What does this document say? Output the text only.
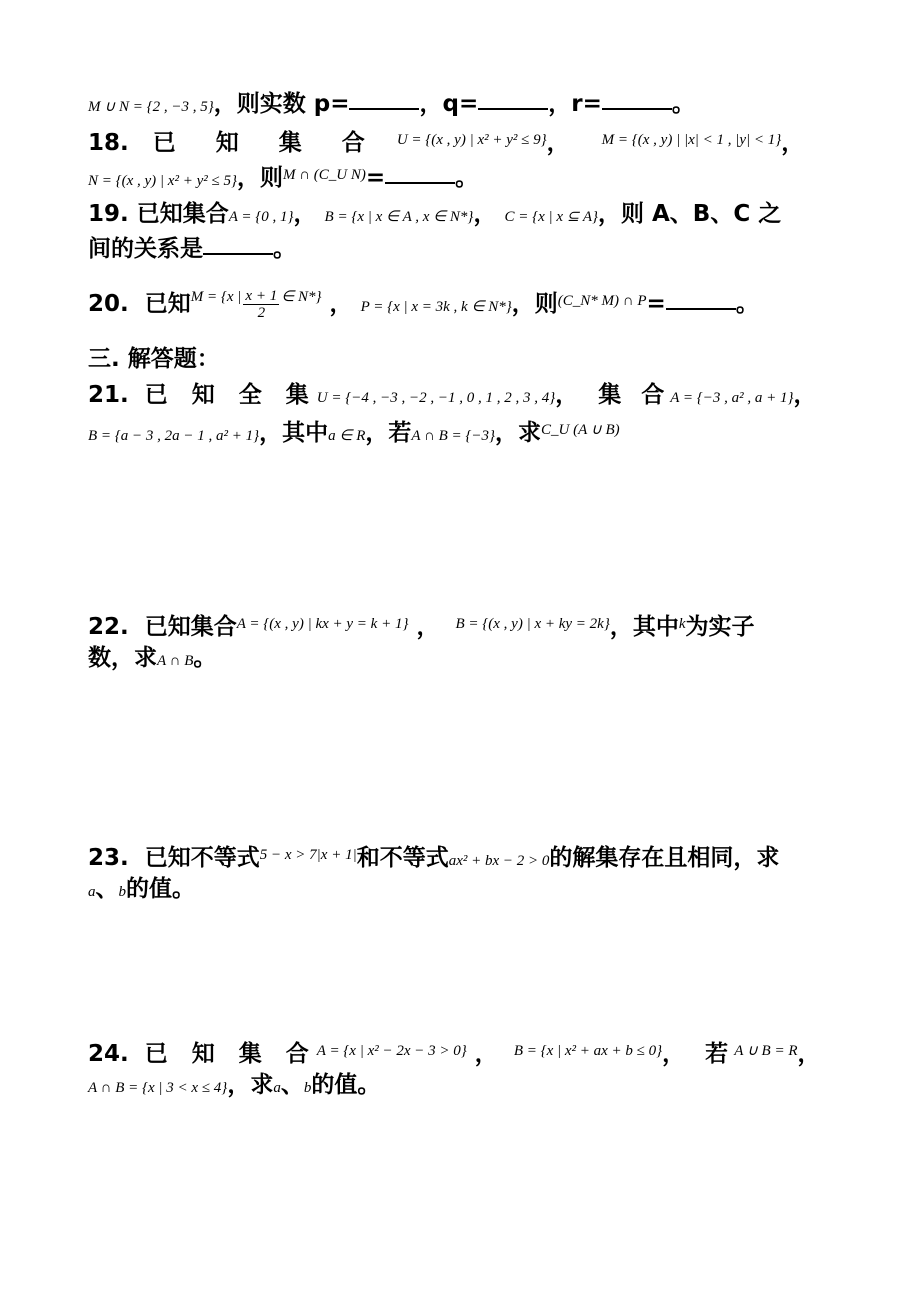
M ∪ N = {2 , −3 , 5}，则实数 p=	，q=	，r=	。
18. 已 知 集 合 $^{U = \{(x , y) | x^2 + y^2 \le 9\}}$， $^{M = \{(x , y) | |x| < 1 , |y| < 1\}}$，
N = {(x , y) | x² + y² ≤ 5}，则$^{M \cap (C\_U N)}$=	。
19. 已知集合A = {0 , 1}， B = {x | x ∈ A , x ∈ N*}， C = {x | x ⊆ A}，则 A、B、C 之
间的关系是	。
20. 已知$^{M = \{x |} \frac{x + 1}{2} ^{\in N*\}}$ ， P = {x | x = 3k , k ∈ N*}，则$^{(C\_N* M) \cap P}$=	。
三. 解答题：
21. 已 知 全 集U = {−4 , −3 , −2 , −1 , 0 , 1 , 2 , 3 , 4}， 集 合A = {−3 , a² , a + 1}，
B = {a − 3 , 2a − 1 , a² + 1}，其中a ∈ R，若A ∩ B = {−3}，求$^{C\_U (A \cup B)}$
22. 已知集合$^{A = \{(x , y) | kx + y = k + 1\}}$ ， $^{B = \{(x , y) | x + ky = 2k\}}$，其中$^k$为实子
数，求A ∩ B。
23. 已知不等式$^{5 - x > 7|x + 1|}$和不等式ax² + bx − 2 > 0的解集存在且相同，求
a、b的值。
24. 已 知 集 合$^{A = \{x | x^2 - 2x - 3 > 0\}}$ ， $^{B = \{x | x^2 + ax + b \le 0\}}$， 若$^{A \cup B = R}$，
A ∩ B = {x | 3 < x ≤ 4}，求a、b的值。
